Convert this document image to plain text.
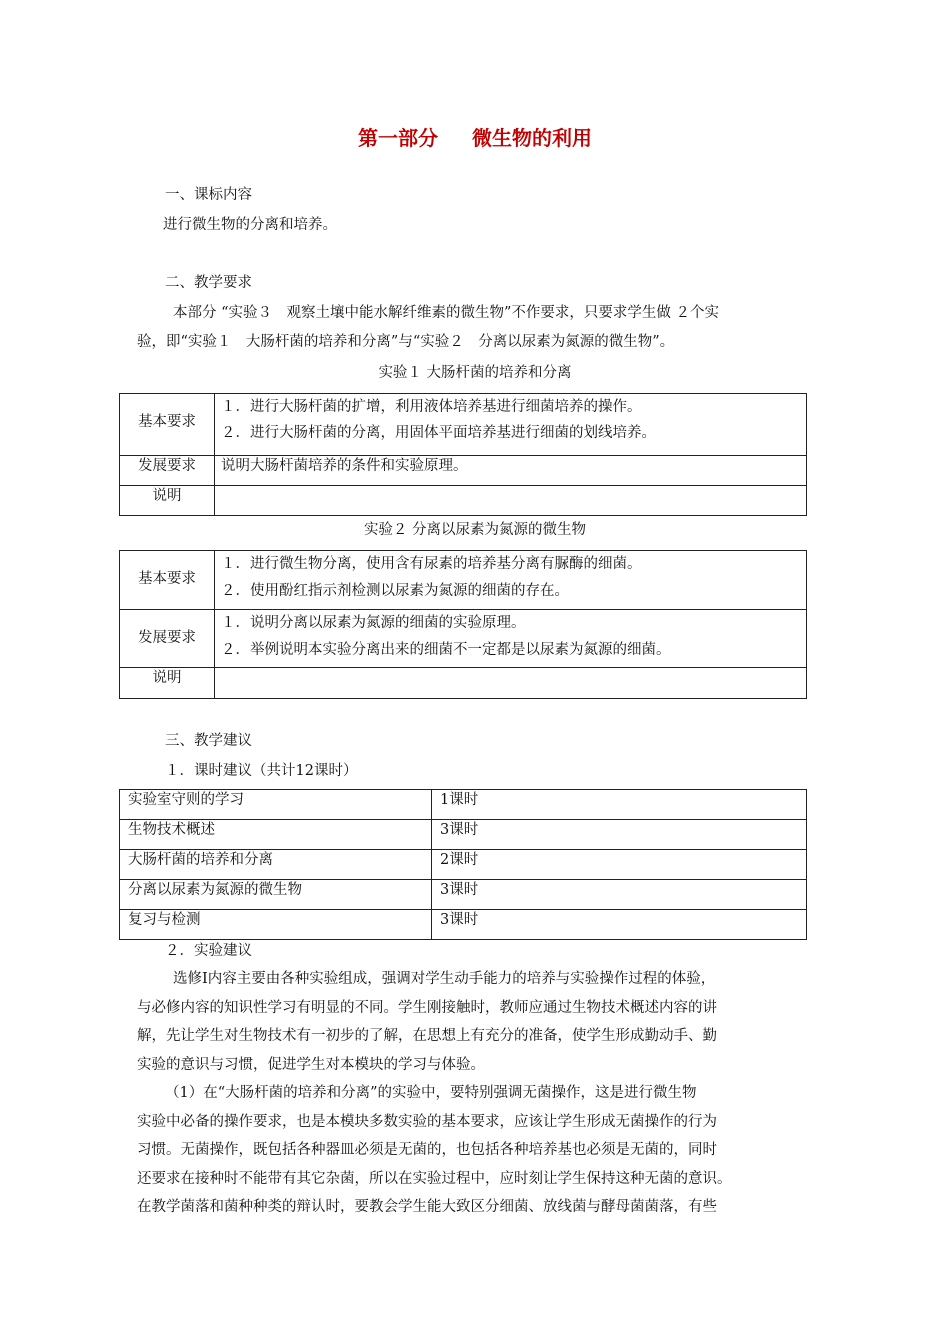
第一部分 微生物的利用
一、课标内容
进行微生物的分离和培养。
二、教学要求
本部分 “实验３　观察土壤中能水解纤维素的微生物”不作要求，只要求学生做 ２个实
验，即“实验１　大肠杆菌的培养和分离”与“实验２　分离以尿素为氮源的微生物”。
实验１ 大肠杆菌的培养和分离
基本要求	１．进行大肠杆菌的扩增，利用液体培养基进行细菌培养的操作。
２．进行大肠杆菌的分离，用固体平面培养基进行细菌的划线培养。

发展要求	说明大肠杆菌培养的条件和实验原理。

说明	
实验２ 分离以尿素为氮源的微生物
基本要求	１．进行微生物分离，使用含有尿素的培养基分离有脲酶的细菌。
２．使用酚红指示剂检测以尿素为氮源的细菌的存在。

发展要求	１．说明分离以尿素为氮源的细菌的实验原理。
２．举例说明本实验分离出来的细菌不一定都是以尿素为氮源的细菌。

说明	
三、教学建议
１．课时建议（共计12课时）
实验室守则的学习	1课时
生物技术概述	3课时
大肠杆菌的培养和分离	2课时
分离以尿素为氮源的微生物	3课时
复习与检测	3课时
２．实验建议
选修Ⅰ内容主要由各种实验组成，强调对学生动手能力的培养与实验操作过程的体验，
与必修内容的知识性学习有明显的不同。学生刚接触时，教师应通过生物技术概述内容的讲
解，先让学生对生物技术有一初步的了解，在思想上有充分的准备，使学生形成勤动手、勤
实验的意识与习惯，促进学生对本模块的学习与体验。
（1）在“大肠杆菌的培养和分离”的实验中，要特别强调无菌操作，这是进行微生物
实验中必备的操作要求，也是本模块多数实验的基本要求，应该让学生形成无菌操作的行为
习惯。无菌操作，既包括各种器皿必须是无菌的，也包括各种培养基也必须是无菌的，同时
还要求在接种时不能带有其它杂菌，所以在实验过程中，应时刻让学生保持这种无菌的意识。
在教学菌落和菌种种类的辩认时，要教会学生能大致区分细菌、放线菌与酵母菌菌落，有些
